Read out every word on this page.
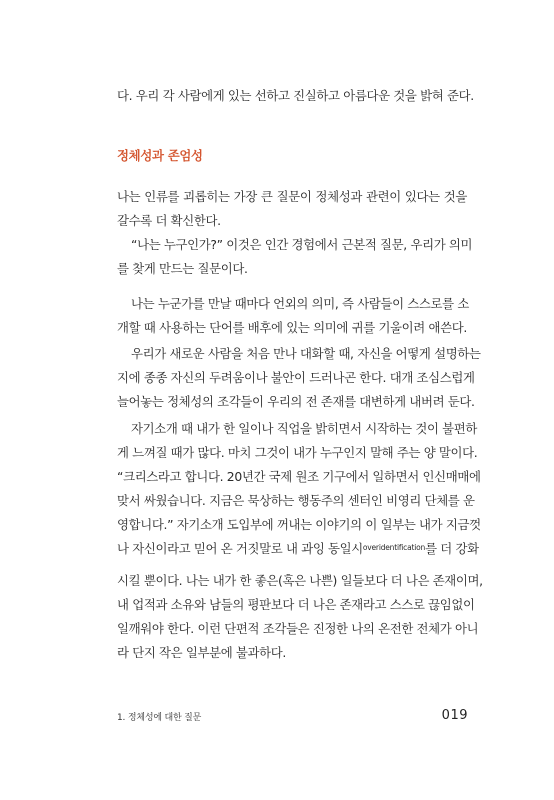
다. 우리 각 사람에게 있는 선하고 진실하고 아름다운 것을 밝혀 준다.
정체성과 존엄성
나는 인류를 괴롭히는 가장 큰 질문이 정체성과 관련이 있다는 것을
갈수록 더 확신한다.
“나는 누구인가?” 이것은 인간 경험에서 근본적 질문, 우리가 의미
를 찾게 만드는 질문이다.
나는 누군가를 만날 때마다 언외의 의미, 즉 사람들이 스스로를 소
개할 때 사용하는 단어를 배후에 있는 의미에 귀를 기울이려 애쓴다.
우리가 새로운 사람을 처음 만나 대화할 때, 자신을 어떻게 설명하는
지에 종종 자신의 두려움이나 불안이 드러나곤 한다. 대개 조심스럽게
늘어놓는 정체성의 조각들이 우리의 전 존재를 대변하게 내버려 둔다.
자기소개 때 내가 한 일이나 직업을 밝히면서 시작하는 것이 불편하
게 느껴질 때가 많다. 마치 그것이 내가 누구인지 말해 주는 양 말이다.
“크리스라고 합니다. 20년간 국제 원조 기구에서 일하면서 인신매매에
맞서 싸웠습니다. 지금은 묵상하는 행동주의 센터인 비영리 단체를 운
영합니다.” 자기소개 도입부에 꺼내는 이야기의 이 일부는 내가 지금껏
나 자신이라고 믿어 온 거짓말로 내 과잉 동일시$^{overidentification}$를 더 강화
시킬 뿐이다. 나는 내가 한 좋은(혹은 나쁜) 일들보다 더 나은 존재이며,
내 업적과 소유와 남들의 평판보다 더 나은 존재라고 스스로 끊임없이
일깨워야 한다. 이런 단편적 조각들은 진정한 나의 온전한 전체가 아니
라 단지 작은 일부분에 불과하다.
1. 정체성에 대한 질문	019
